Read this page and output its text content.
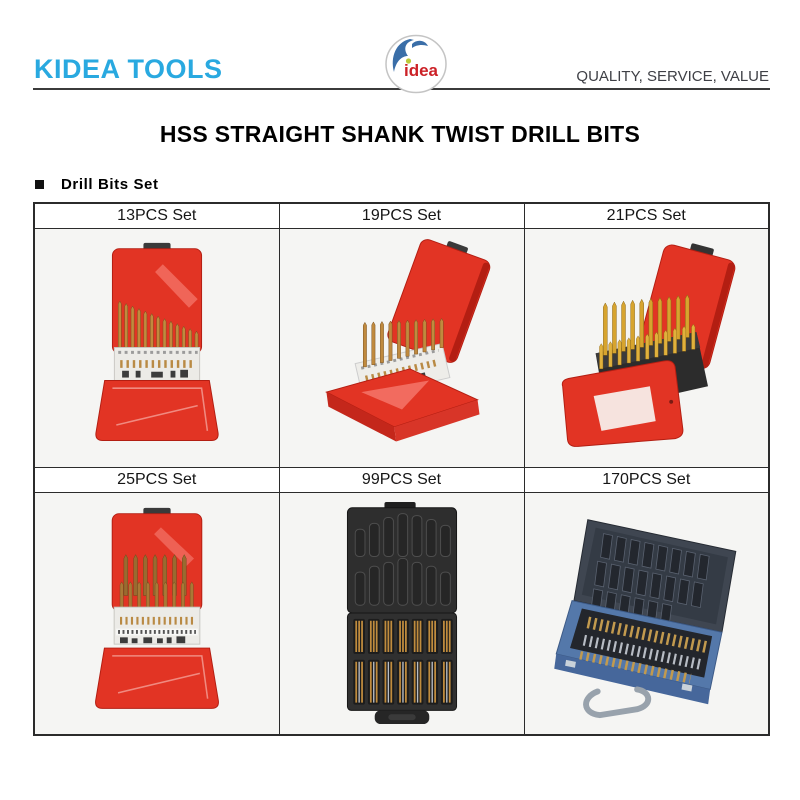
KIDEA TOOLS	QUALITY, SERVICE, VALUE
idea
HSS STRAIGHT SHANK TWIST DRILL BITS
Drill Bits Set
13PCS Set	19PCS Set	21PCS Set

25PCS Set	99PCS Set	170PCS Set
